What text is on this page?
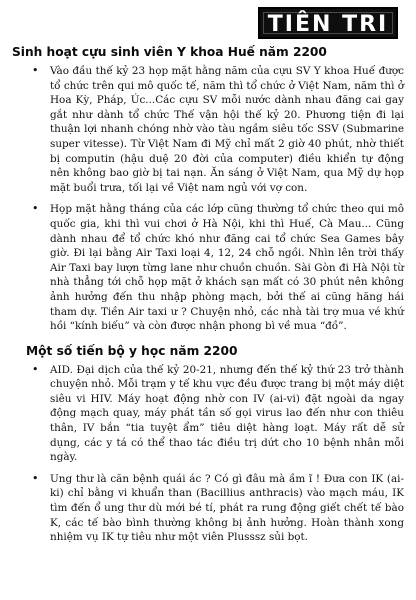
TIÊN TRI
Sinh hoạt cựu sinh viên Y khoa Huế năm 2200
•	Vào đầu thế kỷ 23 họp mặt hằng năm của cựu SV Y khoa Huế được tổ chức trên qui mô quốc tế, năm thì tổ chức ở Việt Nam, năm thì ở Hoa Kỳ, Pháp, Úc...Các cựu SV mỗi nước dành nhau đăng cai gay gắt như dành tổ chức Thế vận hội thế kỷ 20. Phương tiện đi lại thuận lợi nhanh chóng nhờ vào tàu ngầm siêu tốc SSV (Submarine super vitesse). Từ Việt Nam đi Mỹ chỉ mất 2 giờ 40 phút, nhờ thiết bị computin (hậu duệ 20 đời của computer) điều khiển tự động nên không bao giờ bị tai nạn. Ăn sáng ở Việt Nam, qua Mỹ dự họp mặt buổi trưa, tối lại về Việt nam ngủ với vợ con.
•	Họp mặt hằng tháng của các lớp cũng thường tổ chức theo qui mô quốc gia, khi thì vui chơi ở Hà Nội, khi thì Huế, Cà Mau... Cũng dành nhau để tổ chức khó như đăng cai tổ chức Sea Games bây giờ. Đi lại bằng Air Taxi loại 4, 12, 24 chỗ ngồi. Nhìn lên trời thấy Air Taxi bay lượn từng lane như chuồn chuồn. Sài Gòn đi Hà Nội từ nhà thẳng tới chỗ họp mặt ở khách sạn mất có 30 phút nên không ảnh hưởng đến thu nhập phòng mạch, bởi thế ai cũng hăng hái tham dự. Tiền Air taxi ư ? Chuyện nhỏ, các nhà tài trợ mua vé khứ hồi “kính biếu” và còn được nhận phong bì về mua “đồ”.
Một số tiến bộ y học năm 2200
•	AID. Đại dịch của thế kỷ 20-21, nhưng đến thế kỷ thứ 23 trở thành chuyện nhỏ. Mỗi trạm y tế khu vực đều được trang bị một máy diệt siêu vi HIV. Máy hoạt động nhờ con IV (ai-vi) đặt ngoài da ngay động mạch quay, máy phát tần số gọi virus lao đến như con thiêu thân, IV bắn “tia tuyệt ẩm” tiêu diệt hàng loạt. Máy rất dễ sử dụng, các y tá có thể thao tác điều trị dứt cho 10 bệnh nhân mỗi ngày.
•	Ung thư là căn bệnh quái ác ? Có gì đâu mà ầm ĩ ! Đưa con IK (ai-ki) chỉ bằng vi khuẩn than (Bacillius anthracis) vào mạch máu, IK tìm đến ổ ung thư dù mới bé tí, phát ra rung động giết chết tế bào K, các tế bào bình thường không bị ảnh hưởng. Hoàn thành xong nhiệm vụ IK tự tiêu như một viên Plusssz sủi bọt.
